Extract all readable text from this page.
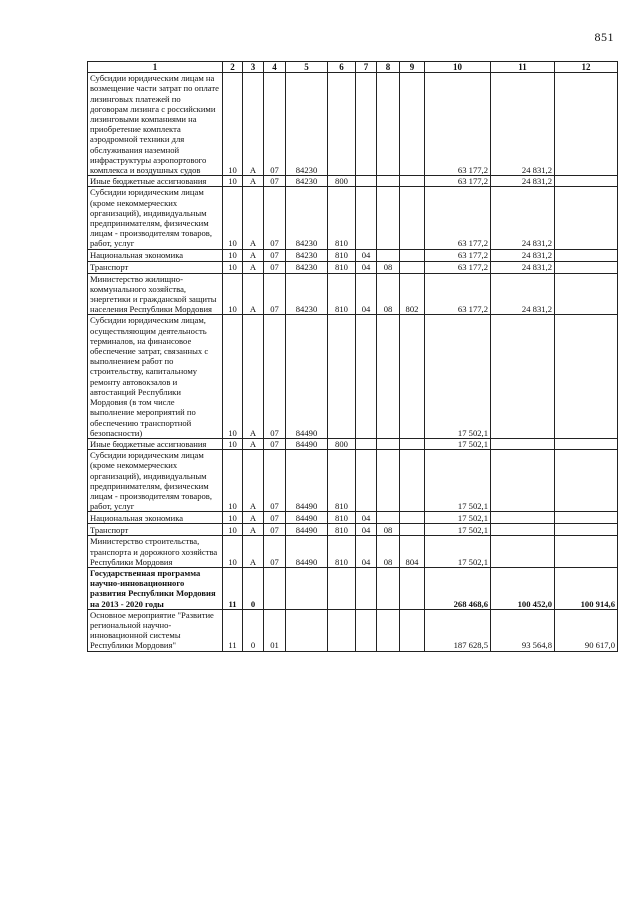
851
1	2	3	4	5	6	7	8	9	10	11	12
Субсидии юридическим лицам на возмещение части затрат по оплате лизинговых платежей по договорам лизинга с российскими лизинговыми компаниями на приобретение комплекта аэродромной техники для обслуживания наземной инфраструктуры аэропортового комплекса и воздушных судов	10	А	07	84230					63 177,2	24 831,2	
Иные бюджетные ассигнования	10	А	07	84230	800				63 177,2	24 831,2	
Субсидии юридическим лицам (кроме некоммерческих организаций), индивидуальным предпринимателям, физическим лицам - производителям товаров, работ, услуг	10	А	07	84230	810				63 177,2	24 831,2	
Национальная экономика	10	А	07	84230	810	04			63 177,2	24 831,2	
Транспорт	10	А	07	84230	810	04	08		63 177,2	24 831,2	
Министерство жилищно-коммунального хозяйства, энергетики и гражданской защиты населения Республики Мордовия	10	А	07	84230	810	04	08	802	63 177,2	24 831,2	
Субсидии юридическим лицам, осуществляющим деятельность терминалов, на финансовое обеспечение затрат, связанных с выполнением работ по строительству, капитальному ремонту автовокзалов и автостанций Республики Мордовия (в том числе выполнение мероприятий по обеспечению транспортной безопасности)	10	А	07	84490					17 502,1		
Иные бюджетные ассигнования	10	А	07	84490	800				17 502,1		
Субсидии юридическим лицам (кроме некоммерческих организаций), индивидуальным предпринимателям, физическим лицам - производителям товаров, работ, услуг	10	А	07	84490	810				17 502,1		
Национальная экономика	10	А	07	84490	810	04			17 502,1		
Транспорт	10	А	07	84490	810	04	08		17 502,1		
Министерство строительства, транспорта и дорожного хозяйства Республики Мордовия	10	А	07	84490	810	04	08	804	17 502,1		
Государственная программа научно-инновационного развития Республики Мордовия на 2013 - 2020 годы	11	0							268 468,6	100 452,0	100 914,6
Основное мероприятие "Развитие региональной научно-инновационной системы Республики Мордовия"	11	0	01						187 628,5	93 564,8	90 617,0
